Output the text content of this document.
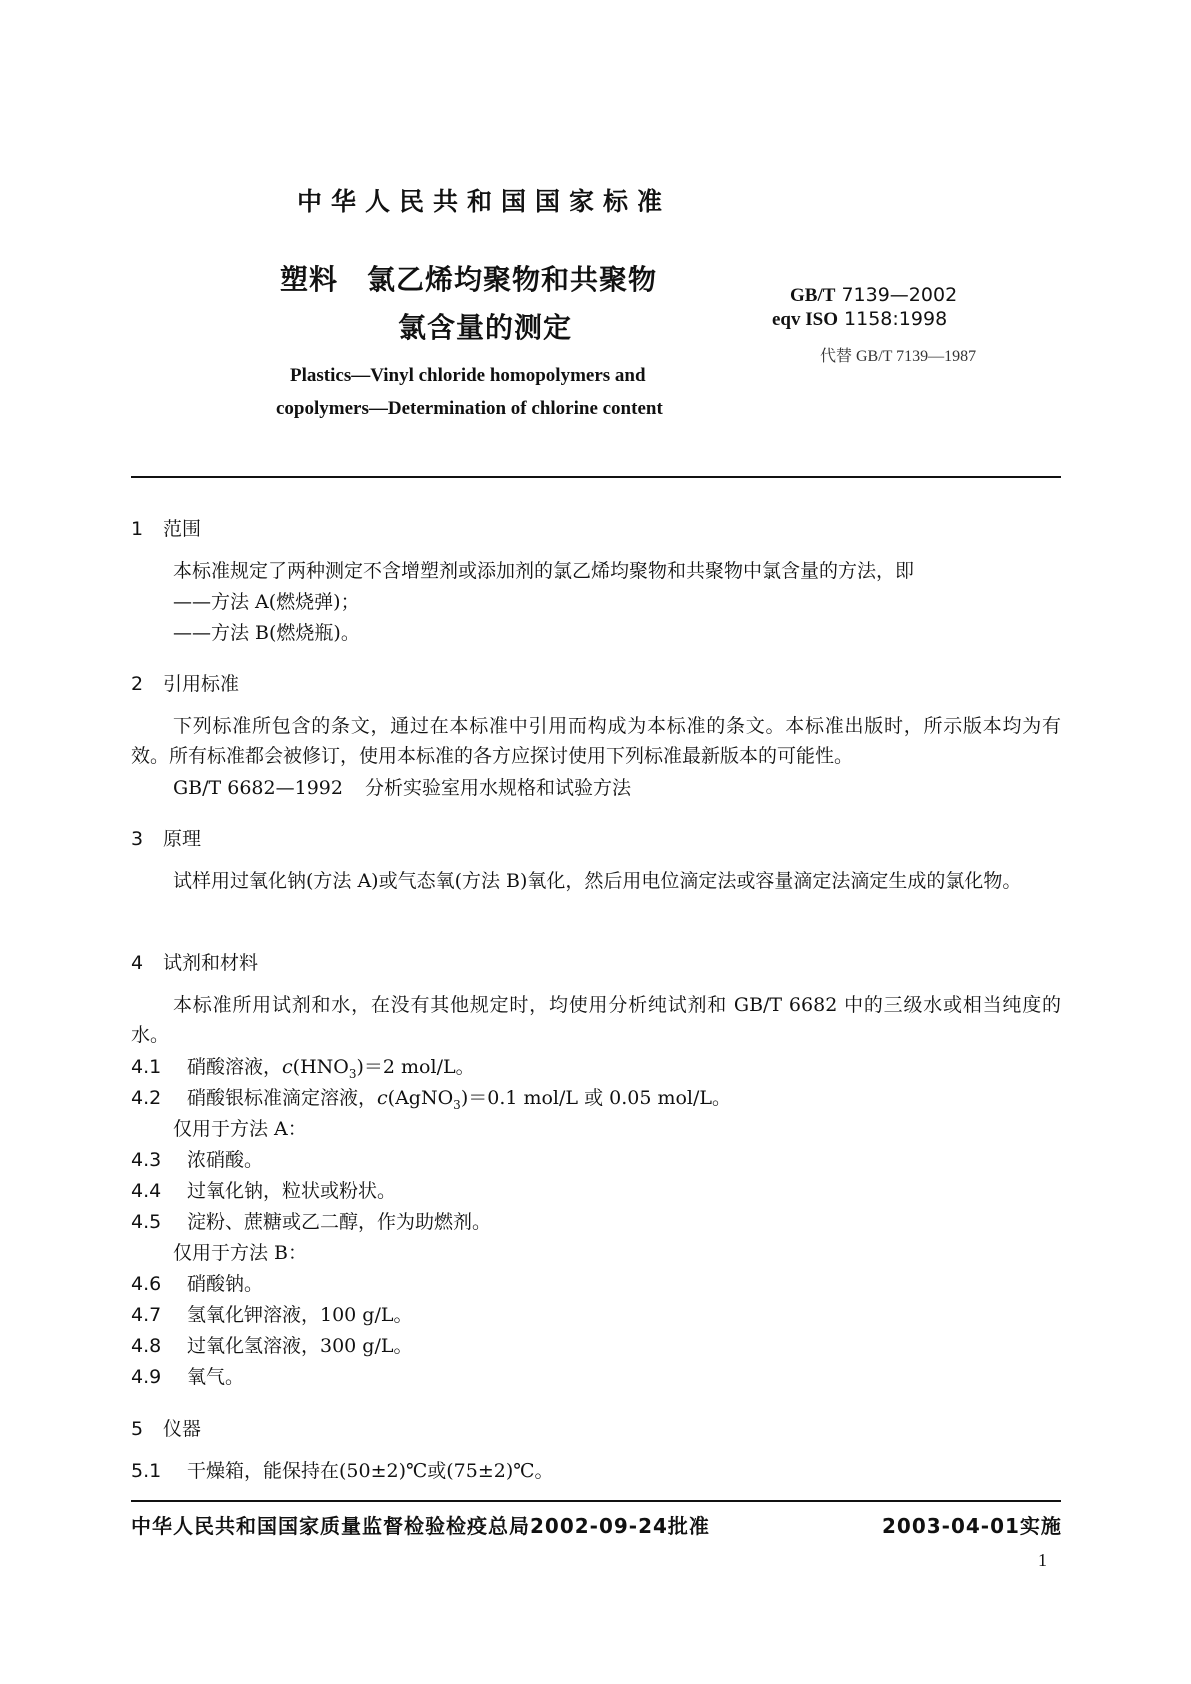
中华人民共和国国家标准
塑料　氯乙烯均聚物和共聚物
氯含量的测定
Plastics—Vinyl chloride homopolymers and
copolymers—Determination of chlorine content
GB/T 7139—2002
eqv ISO 1158:1998
代替 GB/T 7139—1987
1 范围
本标准规定了两种测定不含增塑剂或添加剂的氯乙烯均聚物和共聚物中氯含量的方法，即
——方法 A(燃烧弹)；
——方法 B(燃烧瓶)。
2 引用标准
下列标准所包含的条文，通过在本标准中引用而构成为本标准的条文。本标准出版时，所示版本均为有效。所有标准都会被修订，使用本标准的各方应探讨使用下列标准最新版本的可能性。
GB/T 6682—1992 分析实验室用水规格和试验方法
3 原理
试样用过氧化钠(方法 A)或气态氧(方法 B)氧化，然后用电位滴定法或容量滴定法滴定生成的氯化物。
4 试剂和材料
本标准所用试剂和水，在没有其他规定时，均使用分析纯试剂和 GB/T 6682 中的三级水或相当纯度的水。
4.1 硝酸溶液，$c(HNO_3)=2$ mol/L。
4.2 硝酸银标准滴定溶液，c(AgNO$_3$)＝0.1 mol/L 或 0.05 mol/L。
仅用于方法 A：
4.3 浓硝酸。
4.4 过氧化钠，粒状或粉状。
4.5 淀粉、蔗糖或乙二醇，作为助燃剂。
仅用于方法 B：
4.6 硝酸钠。
4.7 氢氧化钾溶液，100 g/L。
4.8 过氧化氢溶液，300 g/L。
4.9 氧气。
5 仪器
5.1 干燥箱，能保持在(50±2)℃或(75±2)℃。
中华人民共和国国家质量监督检验检疫总局2002-09-24批准	2003-04-01实施
1
